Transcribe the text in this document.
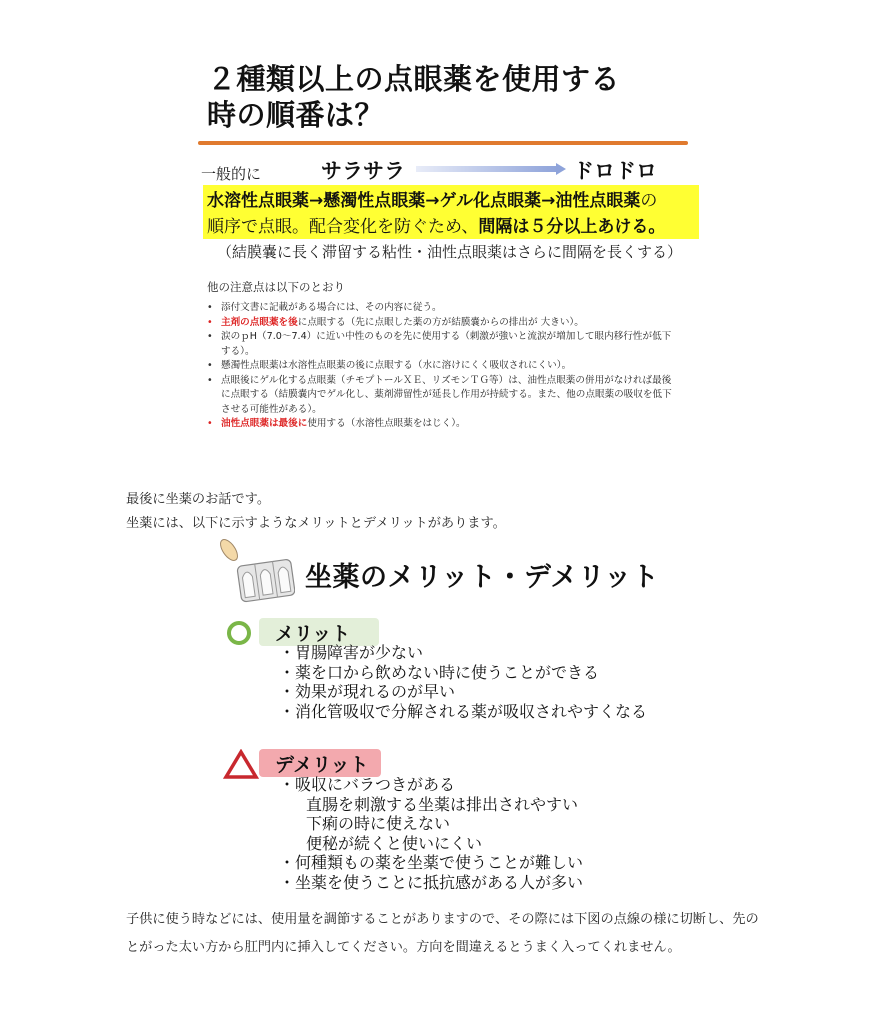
２種類以上の点眼薬を使用する
時の順番は？
一般的に	サラサラ	ドロドロ
水溶性点眼薬→懸濁性点眼薬→ゲル化点眼薬→油性点眼薬の
順序で点眼。配合変化を防ぐため、間隔は５分以上あける。
（結膜嚢に長く滞留する粘性・油性点眼薬はさらに間隔を長くする）
他の注意点は以下のとおり
• 添付文書に記載がある場合には、その内容に従う。
• 主剤の点眼薬を後に点眼する（先に点眼した薬の方が結膜嚢からの排出が 大きい）。
• 涙のｐH（7.0〜7.4）に近い中性のものを先に使用する（刺激が強いと流涙が増加して眼内移行性が低下する）。
• 懸濁性点眼薬は水溶性点眼薬の後に点眼する（水に溶けにくく吸収されにくい）。
• 点眼後にゲル化する点眼薬（チモプトールＸＥ、リズモンＴＧ等）は、油性点眼薬の併用がなければ最後に点眼する（結膜嚢内でゲル化し、薬剤滞留性が延長し作用が持続する。また、他の点眼薬の吸収を低下させる可能性がある）。
• 油性点眼薬は最後に使用する（水溶性点眼薬をはじく）。

最後に坐薬のお話です。

坐薬には、以下に示すようなメリットとデメリットがあります。

坐薬のメリット・デメリット
メリット
・胃腸障害が少ない
・薬を口から飲めない時に使うことができる
・効果が現れるのが早い
・消化管吸収で分解される薬が吸収されやすくなる
デメリット
・吸収にバラつきがある
直腸を刺激する坐薬は排出されやすい
下痢の時に使えない
便秘が続くと使いにくい
・何種類もの薬を坐薬で使うことが難しい
・坐薬を使うことに抵抗感がある人が多い

子供に使う時などには、使用量を調節することがありますので、その際には下図の点線の様に切断し、先のとがった太い方から肛門内に挿入してください。方向を間違えるとうまく入ってくれません。
